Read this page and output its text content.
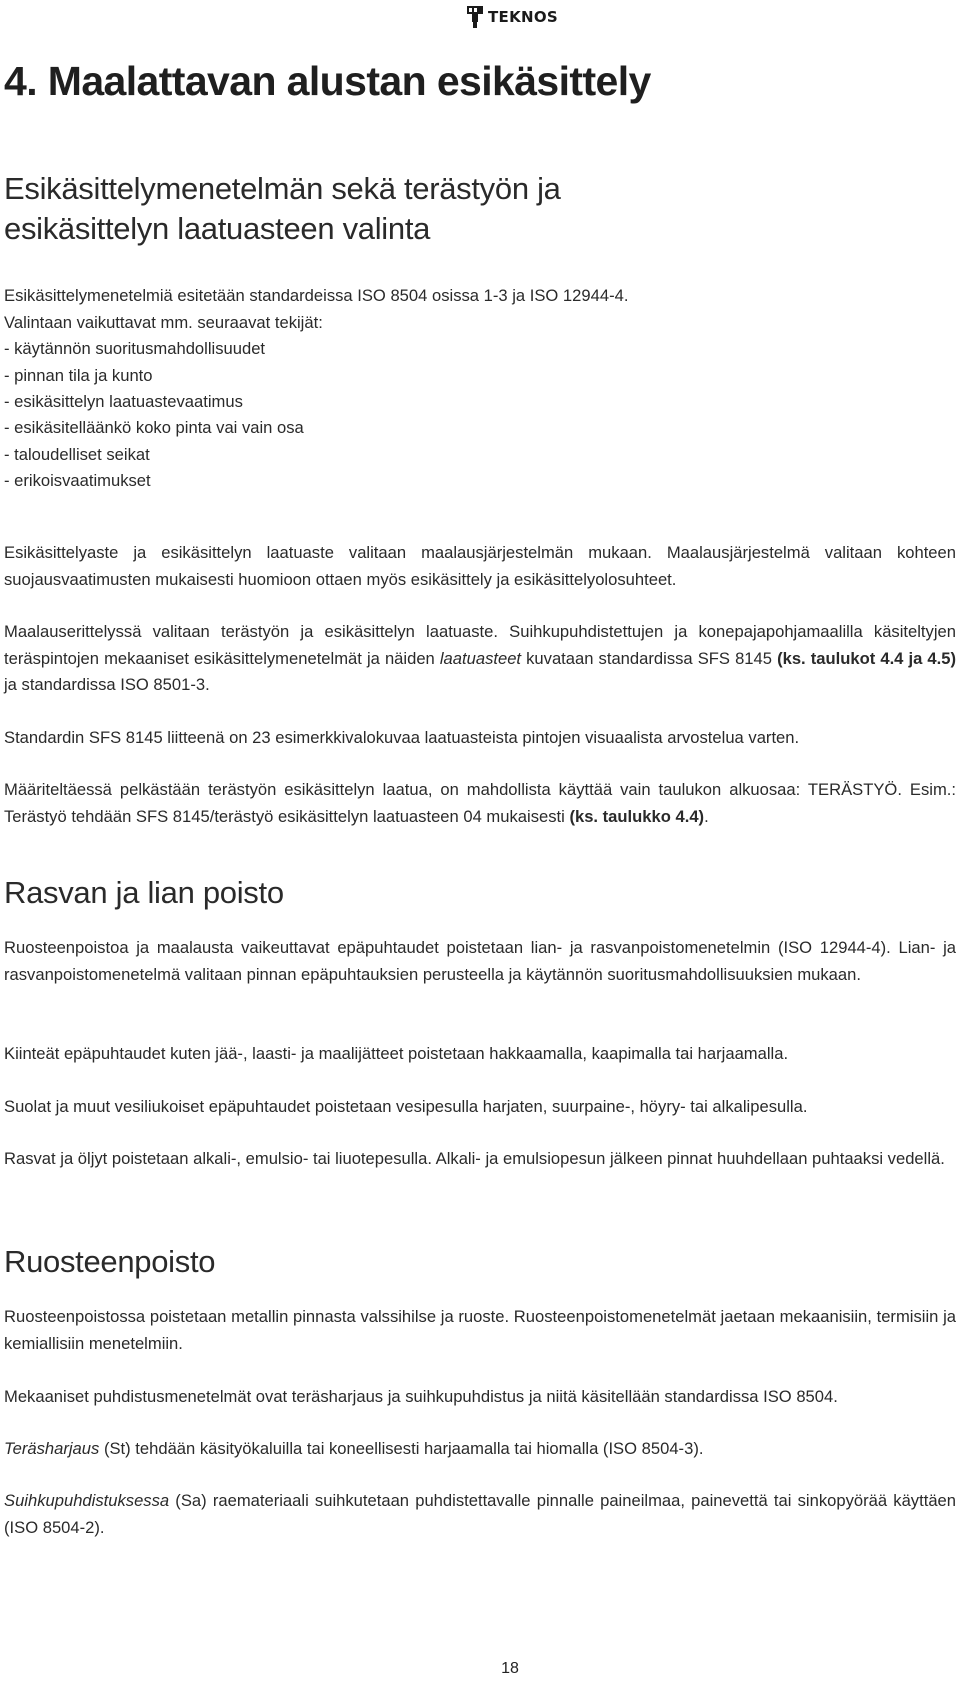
TEKNOS
4. Maalattavan alustan esikäsittely
Esikäsittelymenetelmän sekä terästyön ja esikäsittelyn laatuasteen valinta

Esikäsittelymenetelmiä esitetään standardeissa ISO 8504 osissa 1-3 ja ISO 12944-4.

Valintaan vaikuttavat mm. seuraavat tekijät:

- käytännön suoritusmahdollisuudet
- pinnan tila ja kunto
- esikäsittelyn laatuastevaatimus
- esikäsitelläänkö koko pinta vai vain osa
- taloudelliset seikat
- erikoisvaatimukset

Esikäsittelyaste ja esikäsittelyn laatuaste valitaan maalausjärjestelmän mukaan. Maalausjärjestelmä valitaan kohteen suojausvaatimusten mukaisesti huomioon ottaen myös esikäsittely ja esikäsittelyolosuhteet.

Maalauserittelyssä valitaan terästyön ja esikäsittelyn laatuaste. Suihkupuhdistettujen ja konepajapohjamaalilla käsiteltyjen teräspintojen mekaaniset esikäsittelymenetelmät ja näiden laatuasteet kuvataan standardissa SFS 8145 (ks. taulukot 4.4 ja 4.5) ja standardissa ISO 8501-3.

Standardin SFS 8145 liitteenä on 23 esimerkkivalokuvaa laatuasteista pintojen visuaalista arvostelua varten.

Määriteltäessä pelkästään terästyön esikäsittelyn laatua, on mahdollista käyttää vain taulukon alkuosaa: TERÄSTYÖ. Esim.: Terästyö tehdään SFS 8145/terästyö esikäsittelyn laatuasteen 04 mukaisesti (ks. taulukko 4.4).

Rasvan ja lian poisto

Ruosteenpoistoa ja maalausta vaikeuttavat epäpuhtaudet poistetaan lian- ja rasvanpoistomenetelmin (ISO 12944-4). Lian- ja rasvanpoistomenetelmä valitaan pinnan epäpuhtauksien perusteella ja käytännön suoritusmahdollisuuksien mukaan.

Kiinteät epäpuhtaudet kuten jää-, laasti- ja maalijätteet poistetaan hakkaamalla, kaapimalla tai harjaamalla.

Suolat ja muut vesiliukoiset epäpuhtaudet poistetaan vesipesulla harjaten, suurpaine-, höyry- tai alkalipesulla.

Rasvat ja öljyt poistetaan alkali-, emulsio- tai liuotepesulla. Alkali- ja emulsiopesun jälkeen pinnat huuhdellaan puhtaaksi vedellä.

Ruosteenpoisto

Ruosteenpoistossa poistetaan metallin pinnasta valssihilse ja ruoste. Ruosteenpoistomenetelmät jaetaan mekaanisiin, termisiin ja kemiallisiin menetelmiin.

Mekaaniset puhdistusmenetelmät ovat teräsharjaus ja suihkupuhdistus ja niitä käsitellään standardissa ISO 8504.

Teräsharjaus (St) tehdään käsityökaluilla tai koneellisesti harjaamalla tai hiomalla (ISO 8504-3).

Suihkupuhdistuksessa (Sa) raemateriaali suihkutetaan puhdistettavalle pinnalle paineilmaa, painevettä tai sinkopyörää käyttäen (ISO 8504-2).

18
